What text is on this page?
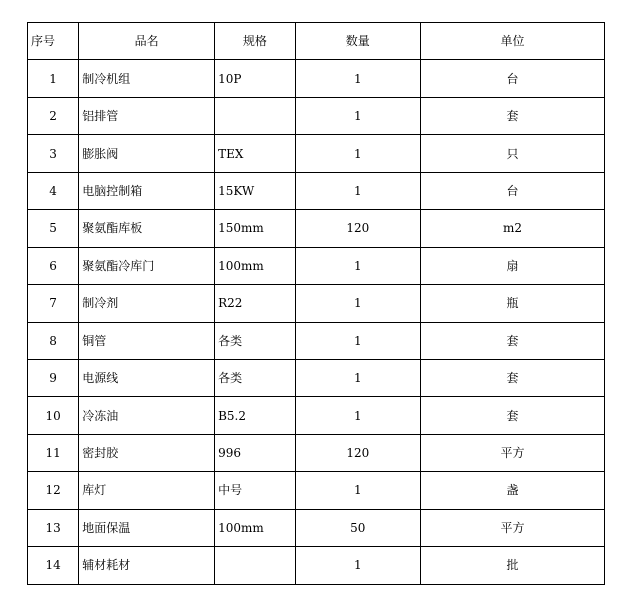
序号	品名	规格	数量	单位
1	制冷机组	10P	1	台
2	铝排管		1	套
3	膨胀阀	TEX	1	只
4	电脑控制箱	15KW	1	台
5	聚氨酯库板	150mm	120	m2
6	聚氨酯冷库门	100mm	1	扇
7	制冷剂	R22	1	瓶
8	铜管	各类	1	套
9	电源线	各类	1	套
10	冷冻油	B5.2	1	套
11	密封胶	996	120	平方
12	库灯	中号	1	盏
13	地面保温	100mm	50	平方
14	辅材耗材		1	批
